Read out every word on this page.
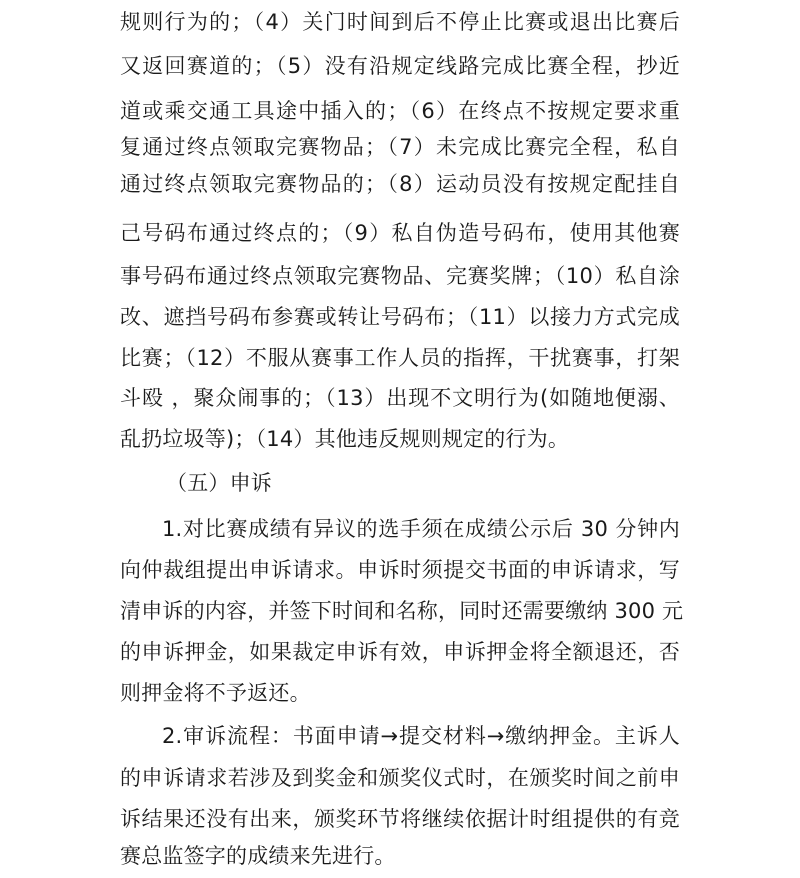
规则行为的；（4）关门时间到后不停止比赛或退出比赛后
又返回赛道的；（5）没有沿规定线路完成比赛全程，抄近
道或乘交通工具途中插入的；（6）在终点不按规定要求重
复通过终点领取完赛物品；（7）未完成比赛完全程，私自
通过终点领取完赛物品的；（8）运动员没有按规定配挂自
己号码布通过终点的；（9）私自伪造号码布，使用其他赛
事号码布通过终点领取完赛物品、完赛奖牌；（10）私自涂
改、遮挡号码布参赛或转让号码布；（11）以接力方式完成
比赛；（12）不服从赛事工作人员的指挥，干扰赛事，打架
斗殴 ，聚众闹事的；（13）出现不文明行为(如随地便溺、
乱扔垃圾等)；（14）其他违反规则规定的行为。
（五）申诉
1.对比赛成绩有异议的选手须在成绩公示后 30 分钟内
向仲裁组提出申诉请求。申诉时须提交书面的申诉请求，写
清申诉的内容，并签下时间和名称，同时还需要缴纳 300 元
的申诉押金，如果裁定申诉有效，申诉押金将全额退还，否
则押金将不予返还。
2.审诉流程：书面申请→提交材料→缴纳押金。主诉人
的申诉请求若涉及到奖金和颁奖仪式时，在颁奖时间之前申
诉结果还没有出来，颁奖环节将继续依据计时组提供的有竞
赛总监签字的成绩来先进行。
